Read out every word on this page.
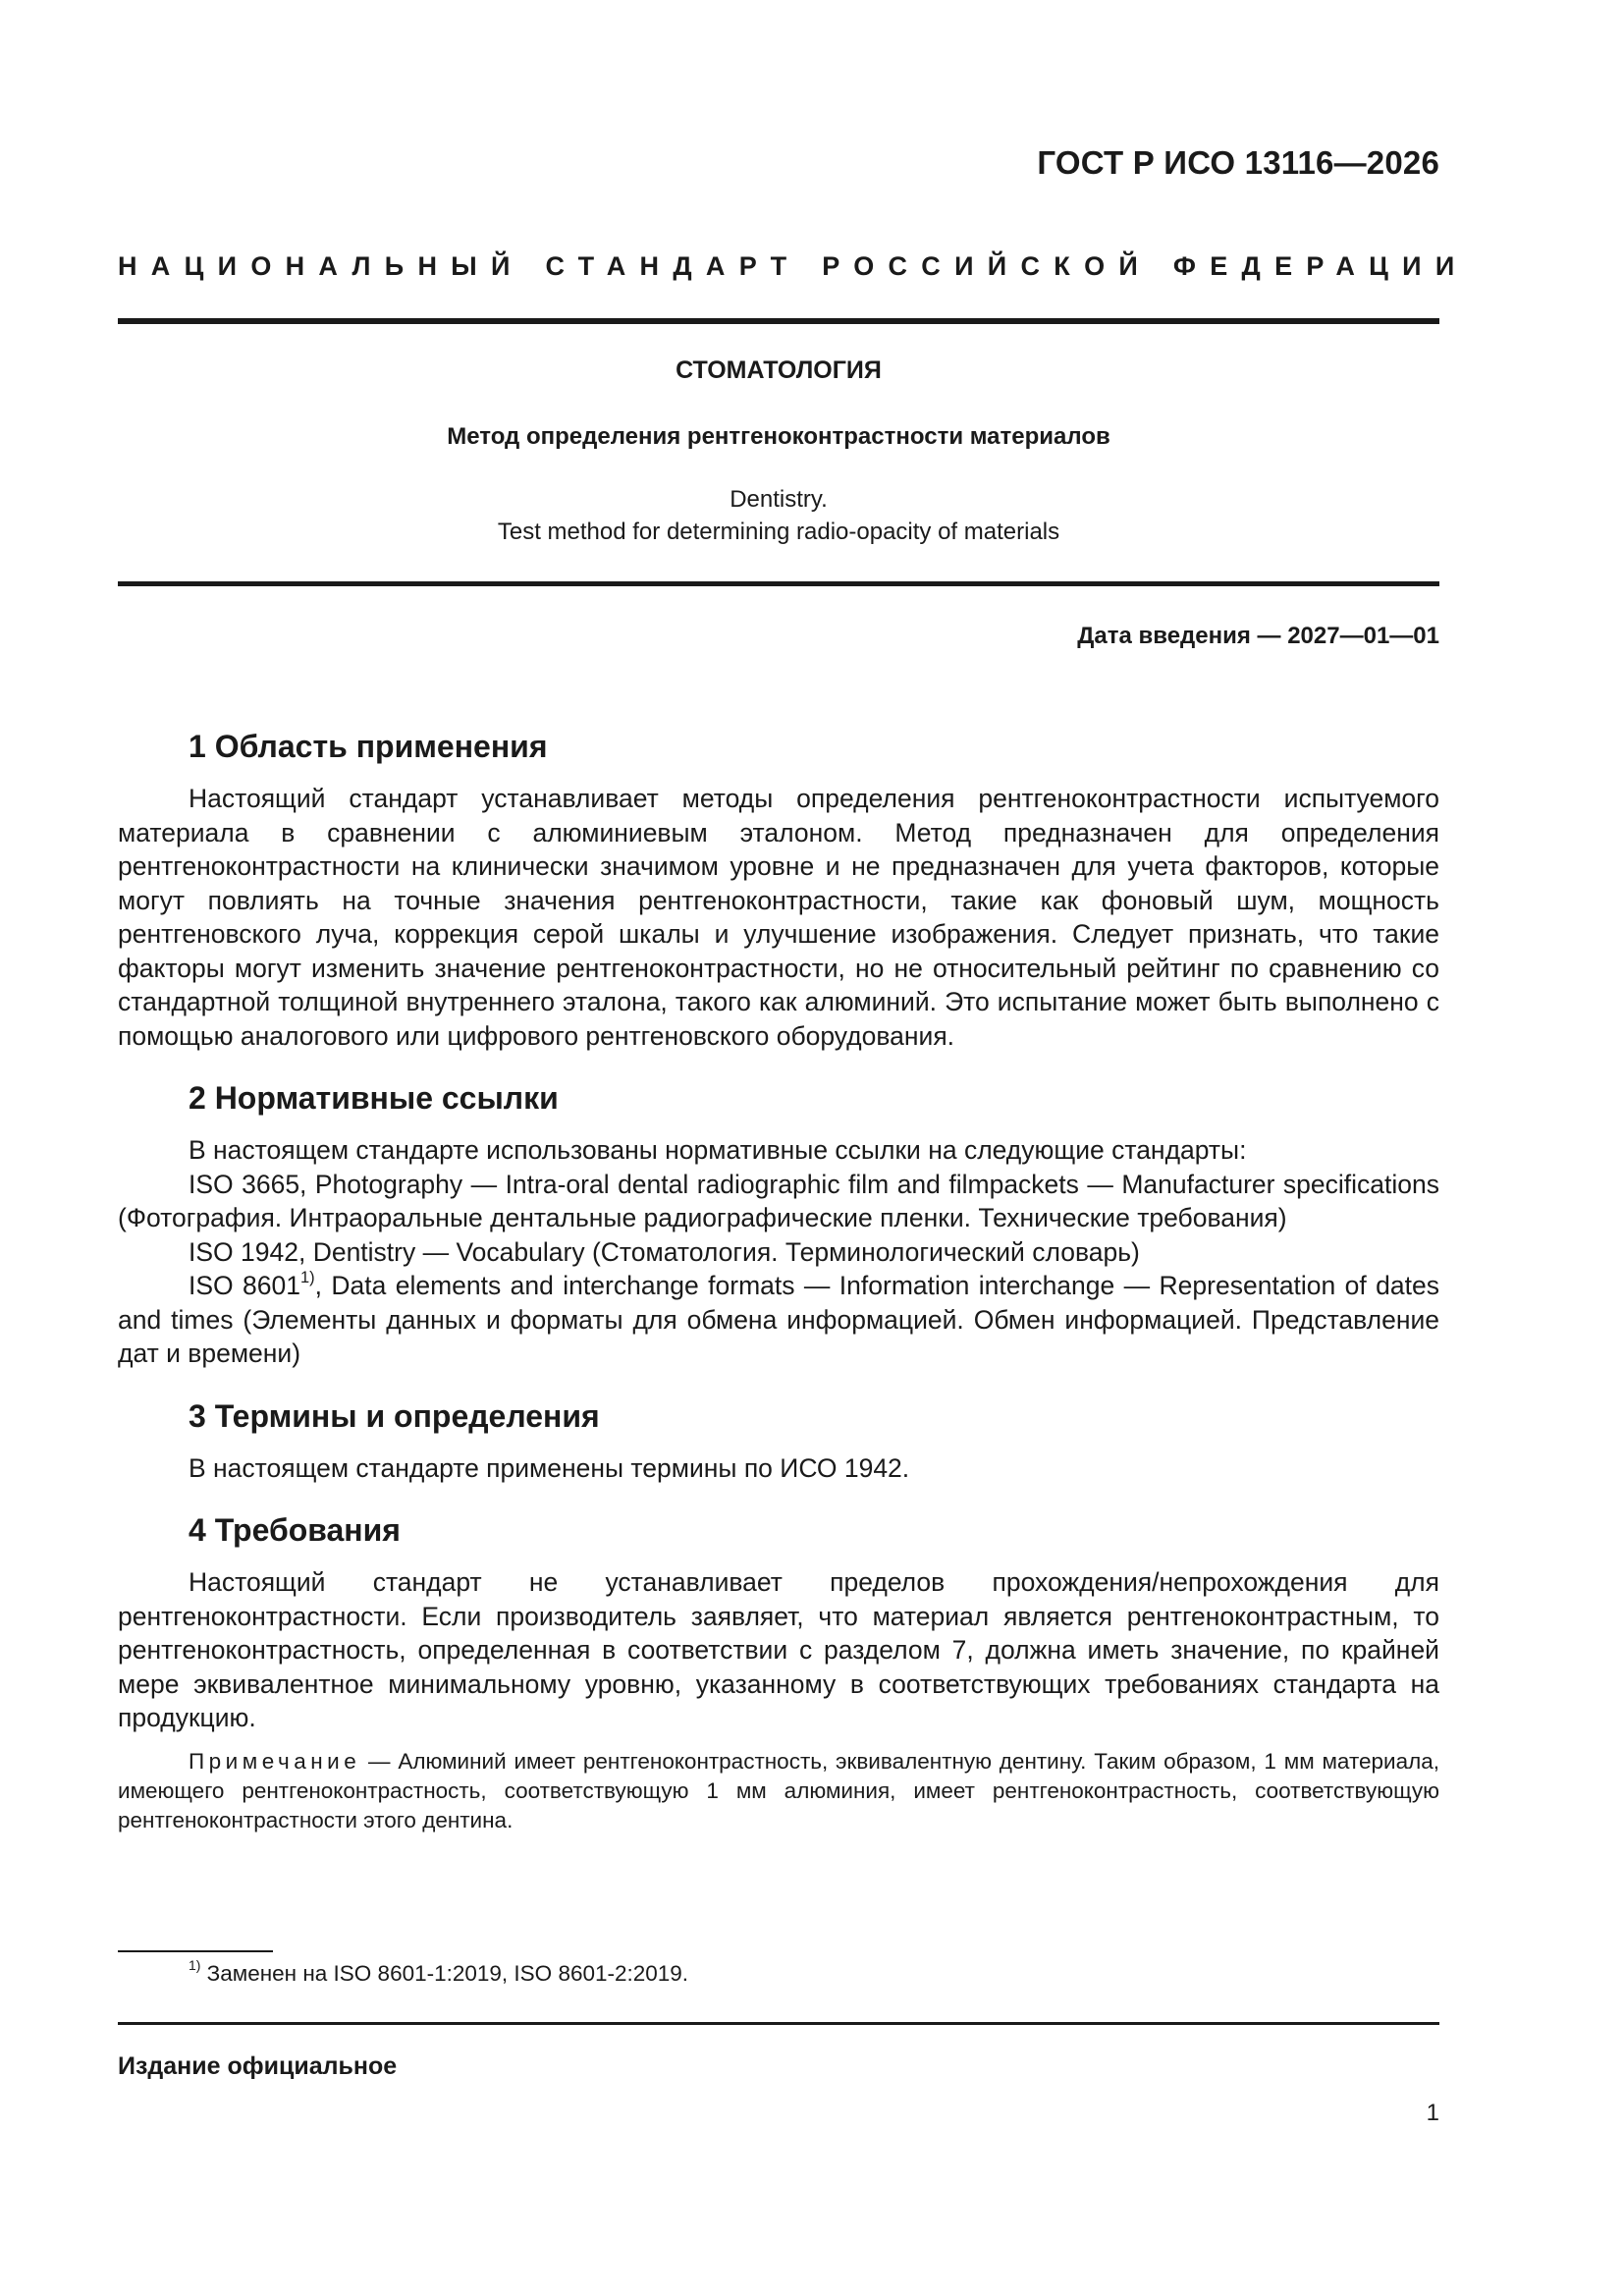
ГОСТ Р ИСО 13116—2026
НАЦИОНАЛЬНЫЙ СТАНДАРТ РОССИЙСКОЙ ФЕДЕРАЦИИ
СТОМАТОЛОГИЯ
Метод определения рентгеноконтрастности материалов
Dentistry.
Test method for determining radio-opacity of materials
Дата введения — 2027—01—01
1 Область применения

Настоящий стандарт устанавливает методы определения рентгеноконтрастности испытуемого материала в сравнении с алюминиевым эталоном. Метод предназначен для определения рентгеноконтрастности на клинически значимом уровне и не предназначен для учета факторов, которые могут повлиять на точные значения рентгеноконтрастности, такие как фоновый шум, мощность рентгеновского луча, коррекция серой шкалы и улучшение изображения. Следует признать, что такие факторы могут изменить значение рентгеноконтрастности, но не относительный рейтинг по сравнению со стандартной толщиной внутреннего эталона, такого как алюминий. Это испытание может быть выполнено с помощью аналогового или цифрового рентгеновского оборудования.

2 Нормативные ссылки

В настоящем стандарте использованы нормативные ссылки на следующие стандарты:

ISO 3665, Photography — Intra-oral dental radiographic film and filmpackets — Manufacturer specifications (Фотография. Интраоральные дентальные радиографические пленки. Технические требования)

ISO 1942, Dentistry — Vocabulary (Стоматология. Терминологический словарь)

ISO 8601$^{1)}$, Data elements and interchange formats — Information interchange — Representation of dates and times (Элементы данных и форматы для обмена информацией. Обмен информацией. Представление дат и времени)

3 Термины и определения

В настоящем стандарте применены термины по ИСО 1942.

4 Требования

Настоящий стандарт не устанавливает пределов прохождения/непрохождения для рентгеноконтрастности. Если производитель заявляет, что материал является рентгеноконтрастным, то рентгеноконтрастность, определенная в соответствии с разделом 7, должна иметь значение, по крайней мере эквивалентное минимальному уровню, указанному в соответствующих требованиях стандарта на продукцию.

Примечание — Алюминий имеет рентгеноконтрастность, эквивалентную дентину. Таким образом, 1 мм материала, имеющего рентгеноконтрастность, соответствующую 1 мм алюминия, имеет рентгеноконтрастность, соответствующую рентгеноконтрастности этого дентина.
$^{1)}$ Заменен на ISO 8601-1:2019, ISO 8601-2:2019.
Издание официальное
1
